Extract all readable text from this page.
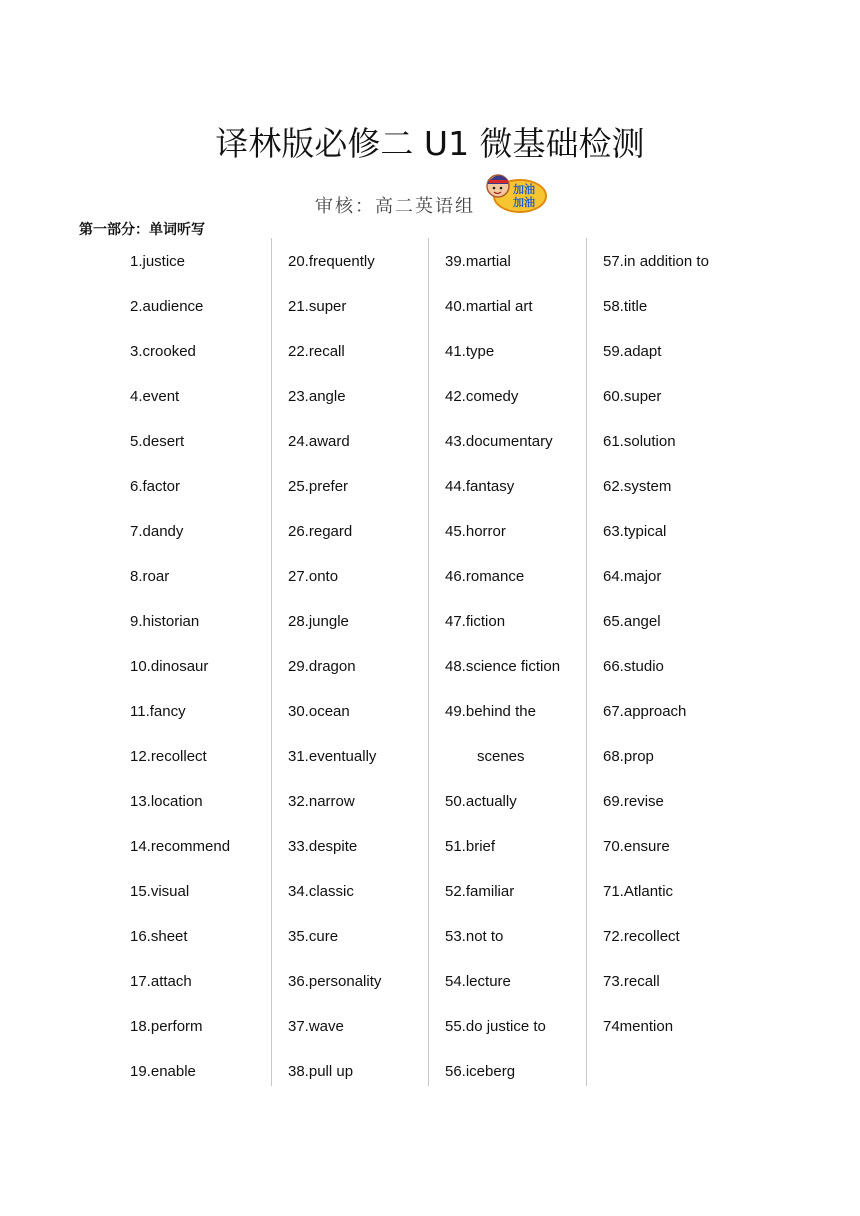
译林版必修二 U1 微基础检测
审核：高二英语组
加油
加油
第一部分：单词听写
1.justice
2.audience
3.crooked
4.event
5.desert
6.factor
7.dandy
8.roar
9.historian
10.dinosaur
11.fancy
12.recollect
13.location
14.recommend
15.visual
16.sheet
17.attach
18.perform
19.enable
20.frequently
21.super
22.recall
23.angle
24.award
25.prefer
26.regard
27.onto
28.jungle
29.dragon
30.ocean
31.eventually
32.narrow
33.despite
34.classic
35.cure
36.personality
37.wave
38.pull up
39.martial
40.martial art
41.type
42.comedy
43.documentary
44.fantasy
45.horror
46.romance
47.fiction
48.science fiction
49.behind the
scenes
50.actually
51.brief
52.familiar
53.not to
54.lecture
55.do justice to
56.iceberg
57.in addition to
58.title
59.adapt
60.super
61.solution
62.system
63.typical
64.major
65.angel
66.studio
67.approach
68.prop
69.revise
70.ensure
71.Atlantic
72.recollect
73.recall
74mention
